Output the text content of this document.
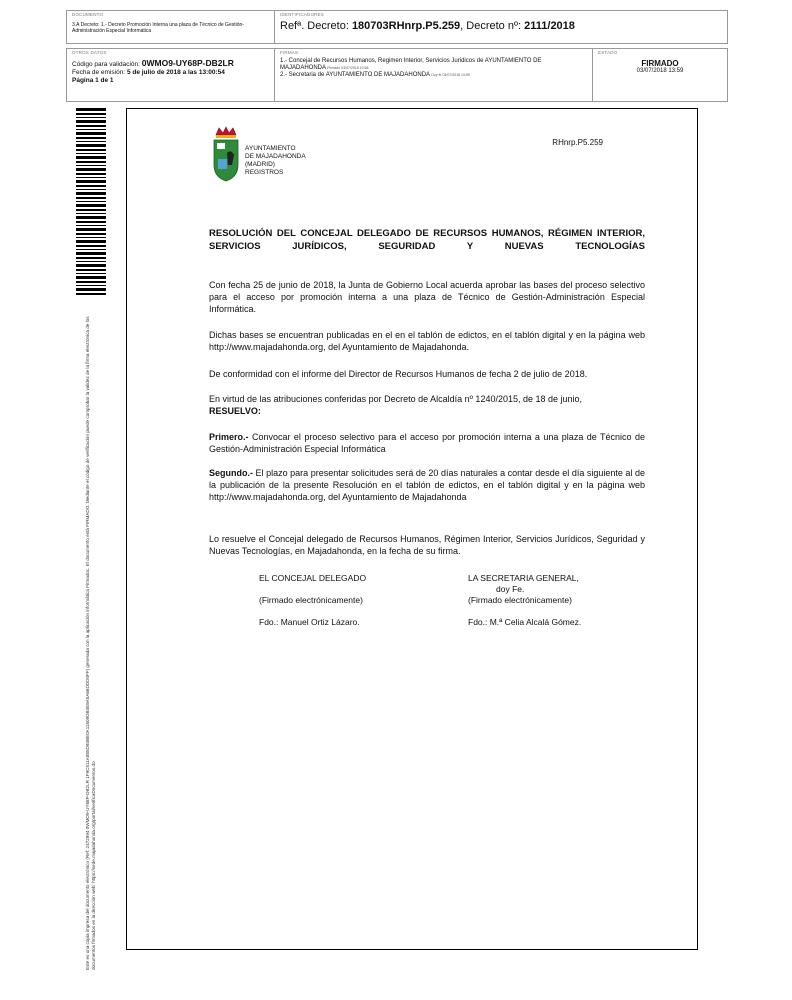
DOCUMENTO
3.A Decreto: 1.- Decreto Promoción Interna una plaza de Técnico de Gestión-Administración Especial Informática
IDENTIFICADORES
Refª. Decreto: 180703RHnrp.P5.259, Decreto nº: 2111/2018
OTROS DATOS
Código para validación: 0WMO9-UY68P-DB2LR
Fecha de emisión: 5 de julio de 2018 a las 13:00:54
Página 1 de 1
FIRMAS
1.- Concejal de Recursos Humanos, Regimen Interior, Servicios Juridicos de AYUNTAMIENTO DE
MAJADAHONDA Firmado 03/07/2018 10:58
2.- Secretaria de AYUNTAMIENTO DE MAJADAHONDA Doy fe 03/07/2018 13:59
ESTADO
FIRMADO
03/07/2018 13:59
Este es una copia impresa del documento electrónico (Ref: 2472994 0WMO9-UY68P-DB2LR 1F9C511A885D93BE0A11509DB4E9A5A66DDD0FF) generada con la aplicación informática Firmadoc. El documento está FIRMADO. Mediante el código de verificación puede comprobar la validez de la firma electrónica de los documentos firmados en la dirección web: https://sede.majadahonda.org/portal/verificaDocumentos.do
AYUNTAMIENTO
DE MAJADAHONDA
(MADRID)
REGISTROS
RHnrp.P5.259
RESOLUCIÓN DEL CONCEJAL DELEGADO DE RECURSOS HUMANOS, RÉGIMEN INTERIOR, SERVICIOS JURÍDICOS, SEGURIDAD Y NUEVAS TECNOLOGÍAS
Con fecha 25 de junio de 2018, la Junta de Gobierno Local acuerda aprobar las bases del proceso selectivo para el acceso por promoción interna a una plaza de Técnico de Gestión-Administración Especial Informática.
Dichas bases se encuentran publicadas en el en el tablón de edictos, en el tablón digital y en la página web http://www.majadahonda.org, del Ayuntamiento de Majadahonda.
De conformidad con el informe del Director de Recursos Humanos de fecha 2 de julio de 2018.
En virtud de las atribuciones conferidas por Decreto de Alcaldía nº 1240/2015, de 18 de junio,
RESUELVO:
Primero.- Convocar el proceso selectivo para el acceso por promoción interna a una plaza de Técnico de Gestión-Administración Especial Informática
Segundo.- El plazo para presentar solicitudes será de 20 días naturales a contar desde el día siguiente al de la publicación de la presente Resolución en el tablón de edictos, en el tablón digital y en la página web http://www.majadahonda.org, del Ayuntamiento de Majadahonda
Lo resuelve el Concejal delegado de Recursos Humanos, Régimen Interior, Servicios Jurídicos, Seguridad y Nuevas Tecnologías, en Majadahonda, en la fecha de su firma.
EL CONCEJAL DELEGADO
(Firmado electrónicamente)
Fdo.: Manuel Ortiz Lázaro.
LA SECRETARIA GENERAL,
doy Fe.
(Firmado electrónicamente)
Fdo.: M.ª Celia Alcalá Gómez.
